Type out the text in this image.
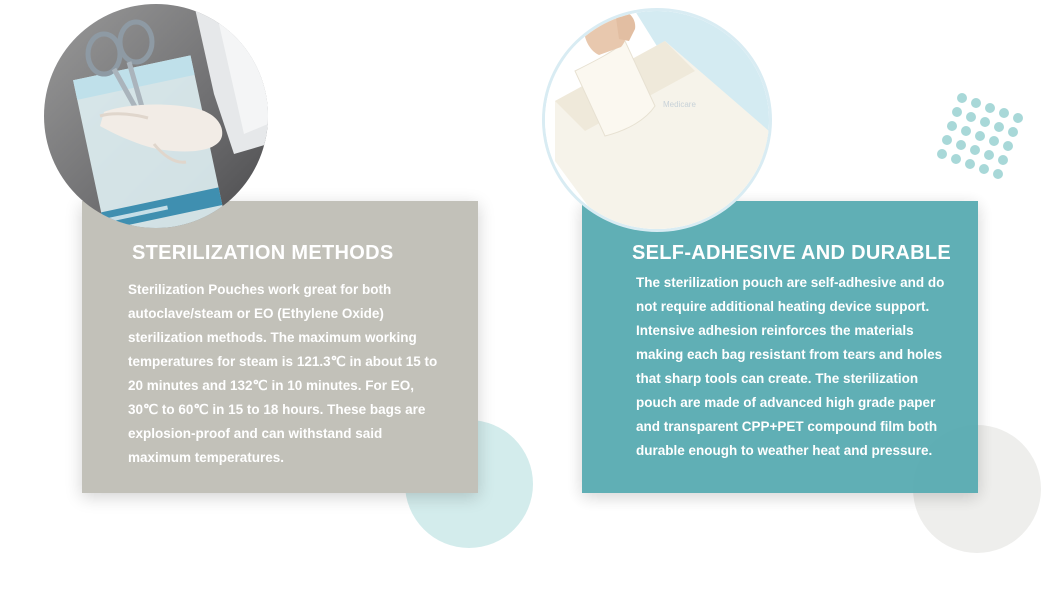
STERILIZATION METHODS

Sterilization Pouches work great for both autoclave/steam or EO (Ethylene Oxide) sterilization methods. The maximum working temperatures for steam is 121.3℃ in about 15 to 20 minutes and 132℃ in 10 minutes. For EO, 30℃ to 60℃ in 15 to 18 hours. These bags are explosion-proof and can withstand said maximum temperatures.

SELF-ADHESIVE AND DURABLE

The sterilization pouch are self-adhesive and do not require additional heating device support. Intensive adhesion reinforces the materials making each bag resistant from tears and holes that sharp tools can create. The sterilization pouch are made of advanced high grade paper and transparent CPP+PET compound film both durable enough to weather heat and pressure.

Medicare
